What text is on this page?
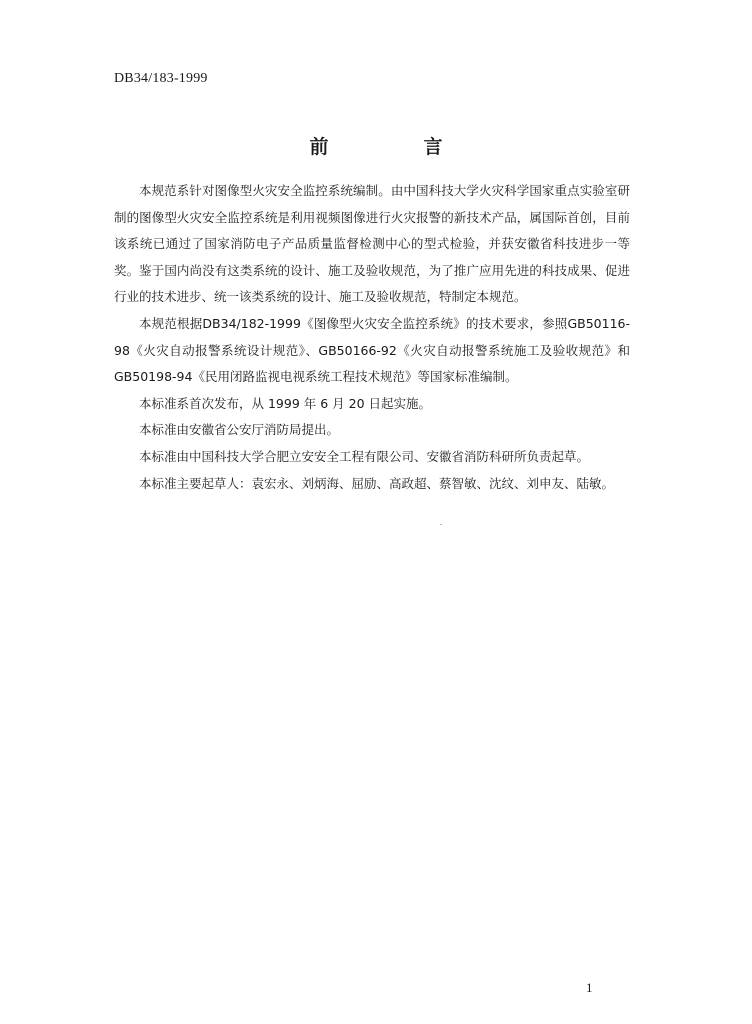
DB34/183-1999
前　言

本规范系针对图像型火灾安全监控系统编制。由中国科技大学火灾科学国家重点实验室研制的图像型火灾安全监控系统是利用视频图像进行火灾报警的新技术产品，属国际首创，目前该系统已通过了国家消防电子产品质量监督检测中心的型式检验，并获安徽省科技进步一等奖。鉴于国内尚没有这类系统的设计、施工及验收规范，为了推广应用先进的科技成果、促进行业的技术进步、统一该类系统的设计、施工及验收规范，特制定本规范。

本规范根据DB34/182-1999《图像型火灾安全监控系统》的技术要求，参照GB50116-98《火灾自动报警系统设计规范》、GB50166-92《火灾自动报警系统施工及验收规范》和GB50198-94《民用闭路监视电视系统工程技术规范》等国家标准编制。

本标准系首次发布，从 1999 年 6 月 20 日起实施。

本标准由安徽省公安厅消防局提出。

本标准由中国科技大学合肥立安安全工程有限公司、安徽省消防科研所负责起草。

本标准主要起草人：袁宏永、刘炳海、屈励、高政超、蔡智敏、沈纹、刘申友、陆敏。

1
